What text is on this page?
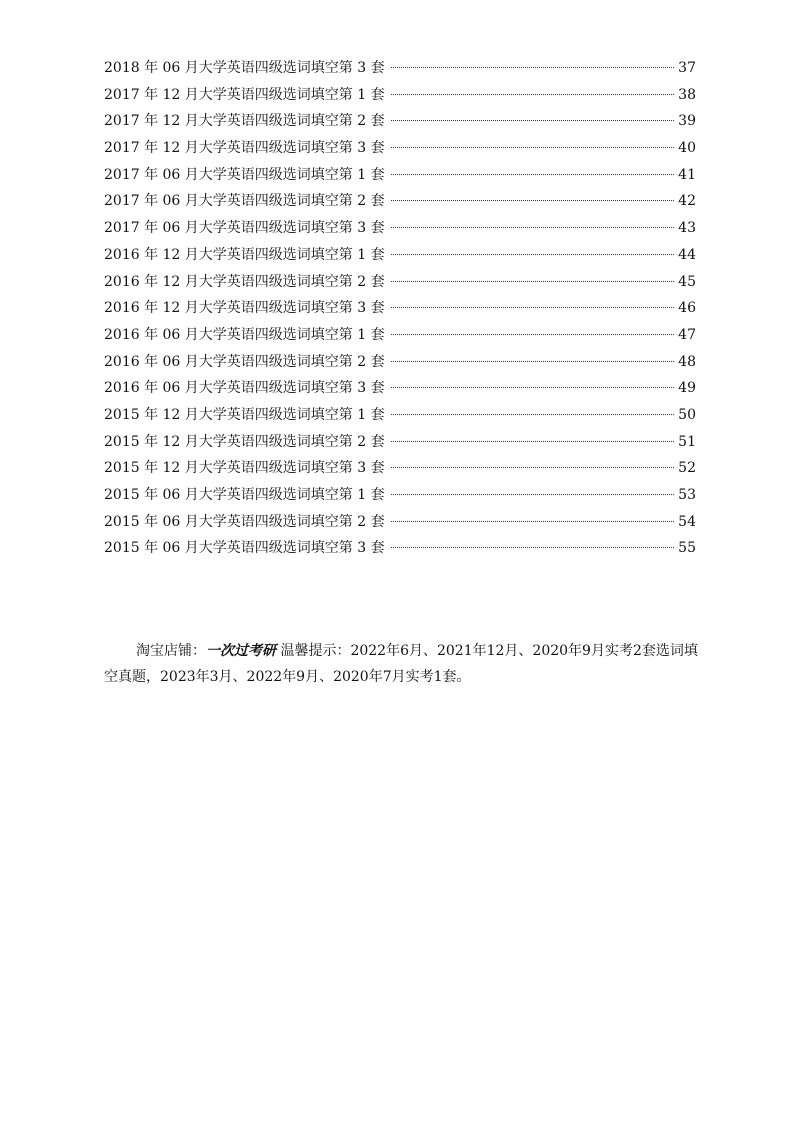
2018 年 06 月大学英语四级选词填空第 3 套	37
2017 年 12 月大学英语四级选词填空第 1 套	38
2017 年 12 月大学英语四级选词填空第 2 套	39
2017 年 12 月大学英语四级选词填空第 3 套	40
2017 年 06 月大学英语四级选词填空第 1 套	41
2017 年 06 月大学英语四级选词填空第 2 套	42
2017 年 06 月大学英语四级选词填空第 3 套	43
2016 年 12 月大学英语四级选词填空第 1 套	44
2016 年 12 月大学英语四级选词填空第 2 套	45
2016 年 12 月大学英语四级选词填空第 3 套	46
2016 年 06 月大学英语四级选词填空第 1 套	47
2016 年 06 月大学英语四级选词填空第 2 套	48
2016 年 06 月大学英语四级选词填空第 3 套	49
2015 年 12 月大学英语四级选词填空第 1 套	50
2015 年 12 月大学英语四级选词填空第 2 套	51
2015 年 12 月大学英语四级选词填空第 3 套	52
2015 年 06 月大学英语四级选词填空第 1 套	53
2015 年 06 月大学英语四级选词填空第 2 套	54
2015 年 06 月大学英语四级选词填空第 3 套	55

淘宝店铺：一次过考研 温馨提示：2022年6月、2021年12月、2020年9月实考2套选词填空真题，2023年3月、2022年9月、2020年7月实考1套。
